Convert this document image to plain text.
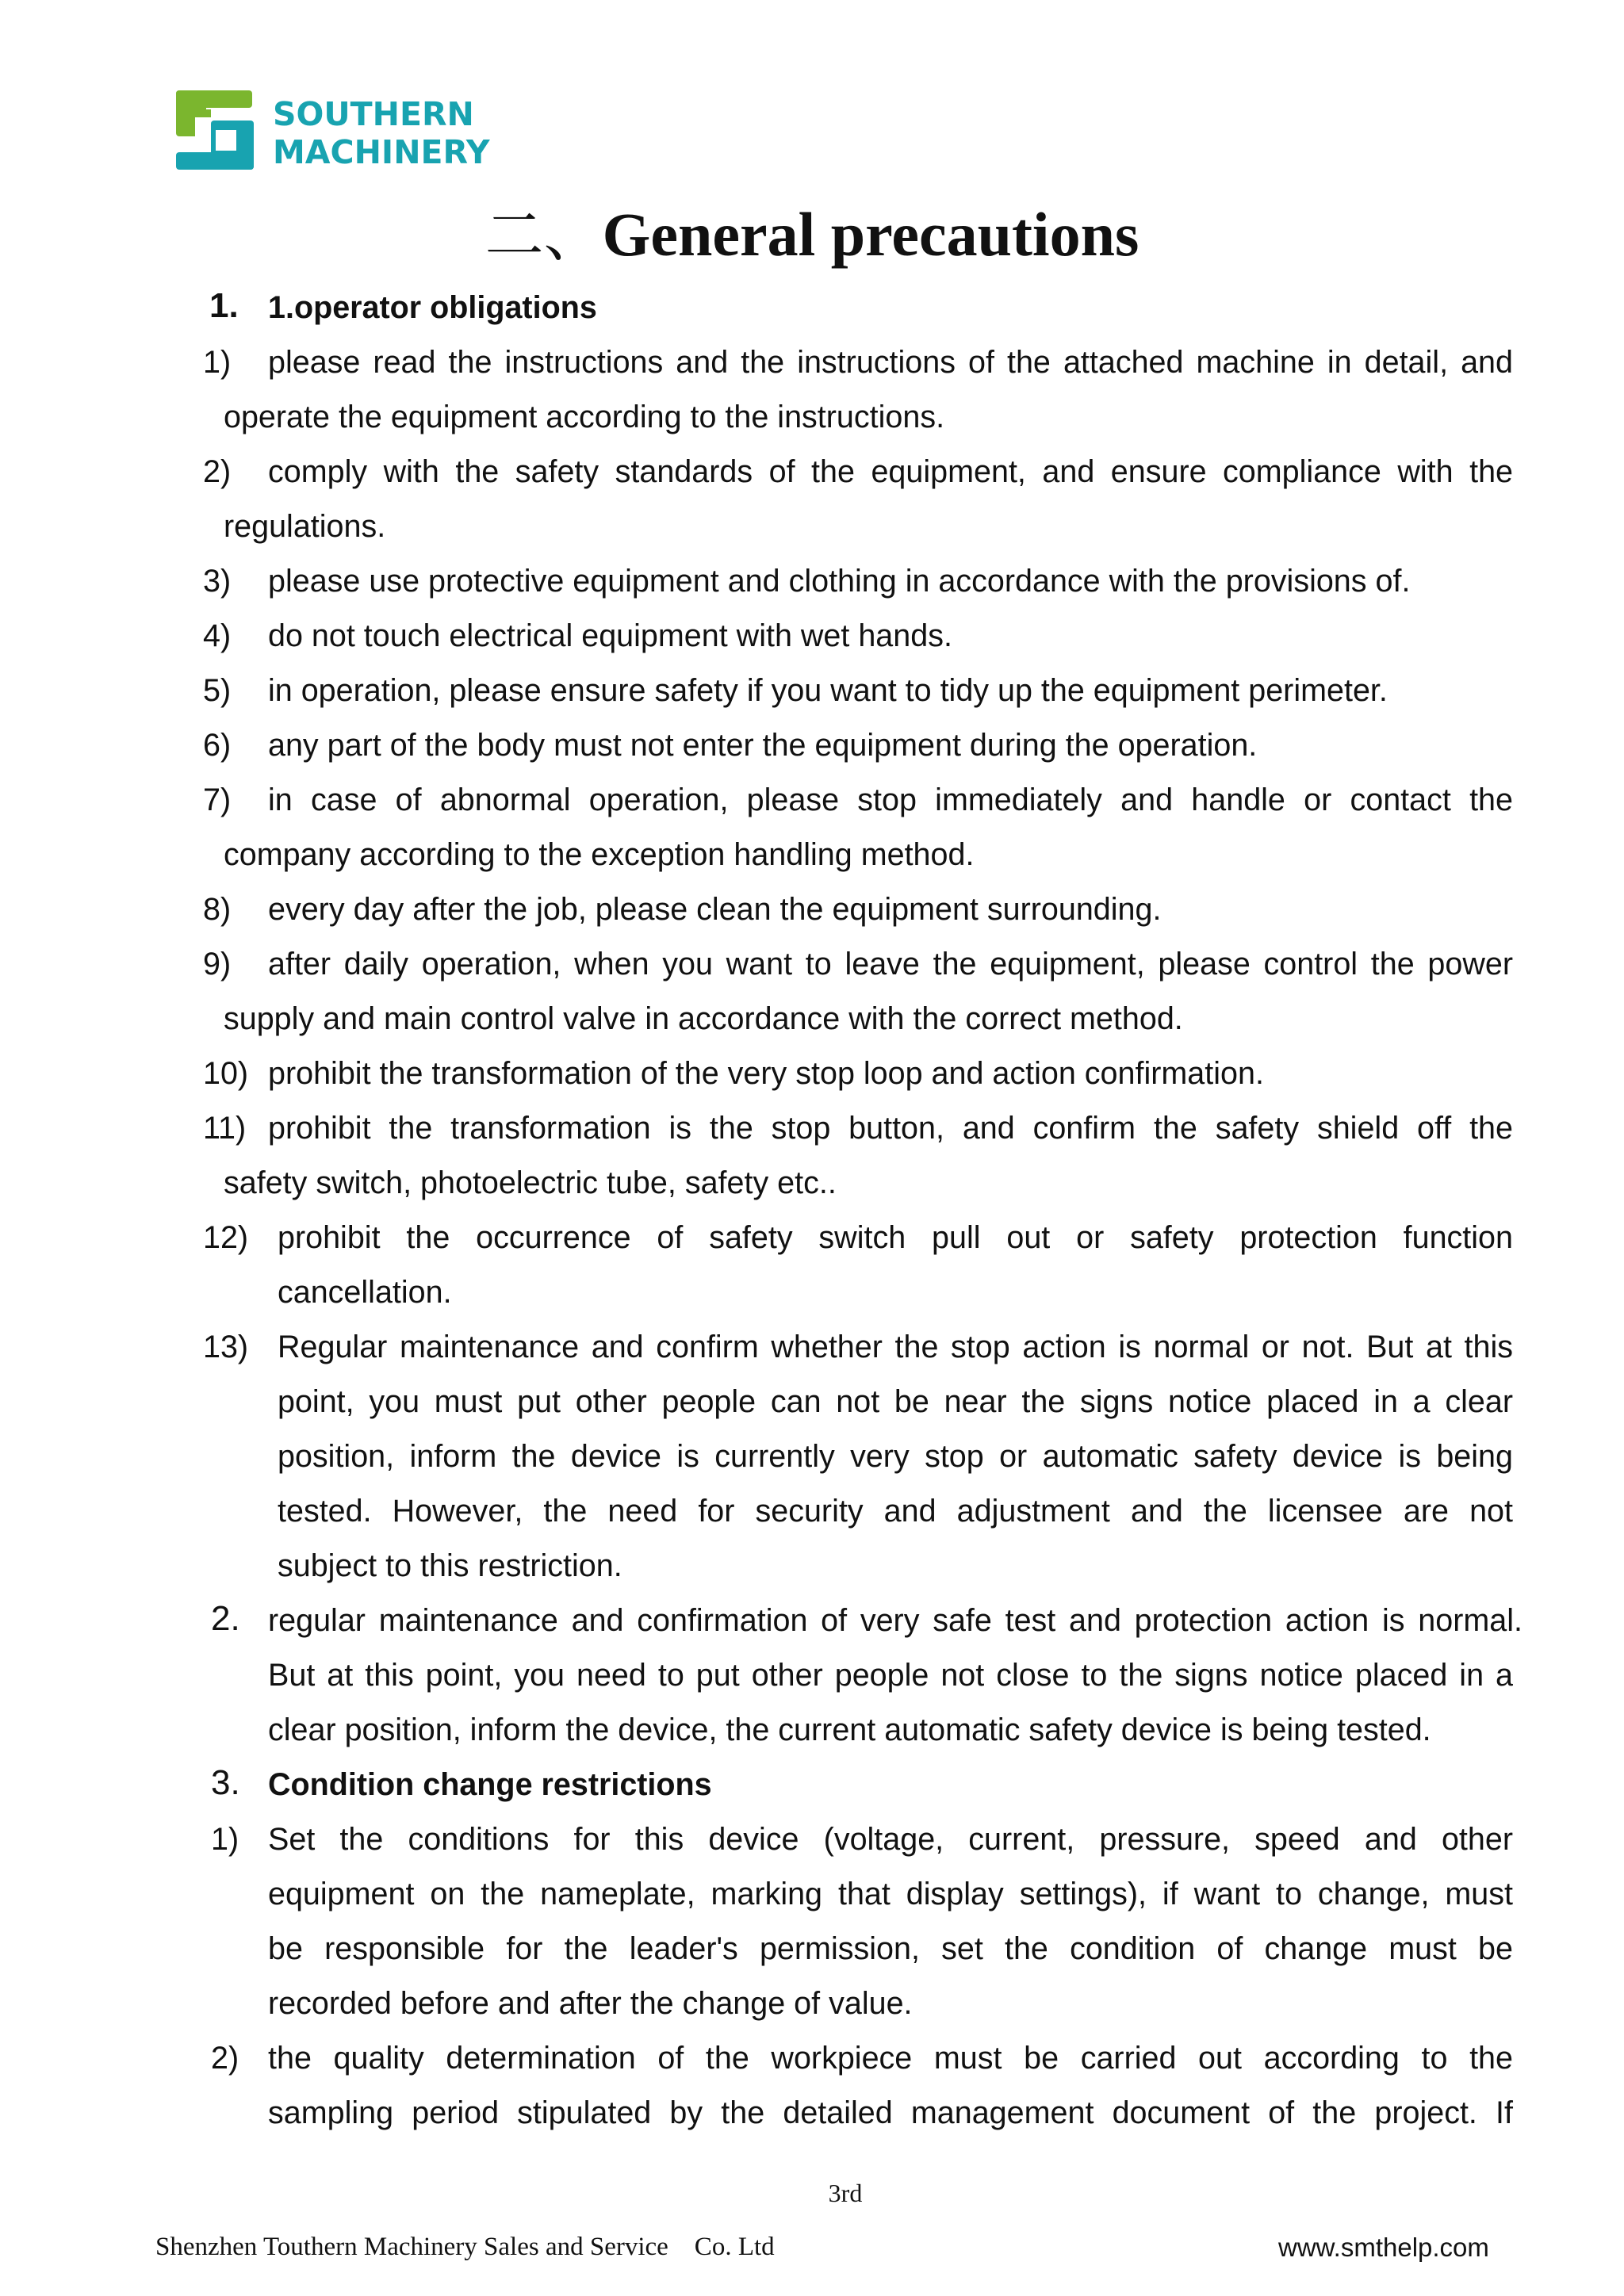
SOUTHERN
MACHINERY
二、General precautions
1. 1.operator obligations
1) please read the instructions and the instructions of the attached machine in detail, and
operate the equipment according to the instructions.
2) comply with the safety standards of the equipment, and ensure compliance with the
regulations.
3) please use protective equipment and clothing in accordance with the provisions of.
4) do not touch electrical equipment with wet hands.
5) in operation, please ensure safety if you want to tidy up the equipment perimeter.
6) any part of the body must not enter the equipment during the operation.
7) in case of abnormal operation, please stop immediately and handle or contact the
company according to the exception handling method.
8) every day after the job, please clean the equipment surrounding.
9) after daily operation, when you want to leave the equipment, please control the power
supply and main control valve in accordance with the correct method.
10) prohibit the transformation of the very stop loop and action confirmation.
11) prohibit the transformation is the stop button, and confirm the safety shield off the
safety switch, photoelectric tube, safety etc..
12) prohibit the occurrence of safety switch pull out or safety protection function
cancellation.
13) Regular maintenance and confirm whether the stop action is normal or not. But at this
point, you must put other people can not be near the signs notice placed in a clear
position, inform the device is currently very stop or automatic safety device is being
tested. However, the need for security and adjustment and the licensee are not
subject to this restriction.
2. regular maintenance and confirmation of very safe test and protection action is normal.
But at this point, you need to put other people not close to the signs notice placed in a
clear position, inform the device, the current automatic safety device is being tested.
3. Condition change restrictions
1) Set the conditions for this device (voltage, current, pressure, speed and other
equipment on the nameplate, marking that display settings), if want to change, must
be responsible for the leader's permission, set the condition of change must be
recorded before and after the change of value.
2) the quality determination of the workpiece must be carried out according to the
sampling period stipulated by the detailed management document of the project. If
3rd
Shenzhen Touthern Machinery Sales and Service    Co. Ltd	www.smthelp.com
